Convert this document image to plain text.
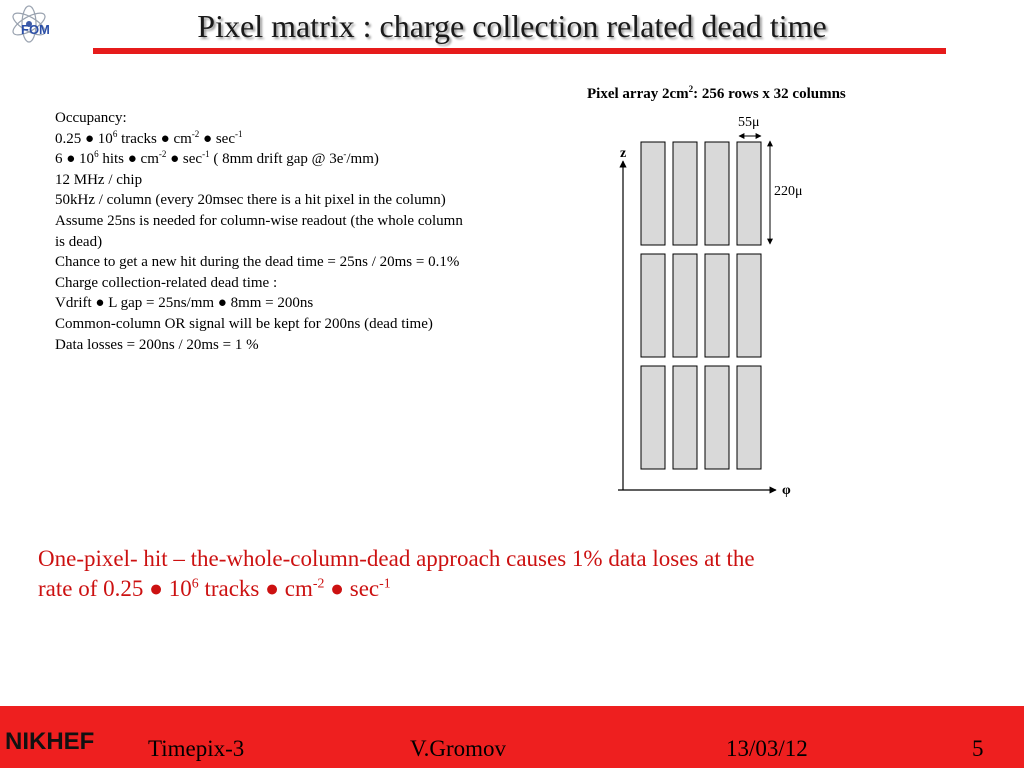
FOM	Pixel matrix : charge collection related dead time
Pixel array $2cm^2$: 256 rows x 32 columns
Occupancy:
0.25 ● $10^6$ tracks ● $cm^{-2}$ ● $\sec^{-1}$
6 ● $10^6$ hits ● $cm^{-2}$ ● $\sec^{-1}$ ( 8mm drift gap @ 3e-/mm)
12 MHz / chip
50kHz / column (every 20msec there is a hit pixel in the column)
Assume 25ns is needed for column-wise readout (the whole column
is dead)
Chance to get a new hit during the dead time = 25ns / 20ms = 0.1%
Charge collection-related dead time :
Vdrift ● L gap = 25ns/mm ● 8mm = 200ns
Common-column OR signal will be kept for 200ns (dead time)
Data losses = 200ns / 20ms = 1 %
z
φ
55μ
220μ
One-pixel- hit – the-whole-column-dead approach causes 1% data loses at the
rate of 0.25 ● $10^6$ tracks ● $cm^{-2}$ ● $\sec^{-1}$
NIKHEF Timepix-3	V.Gromov	13/03/12	5
